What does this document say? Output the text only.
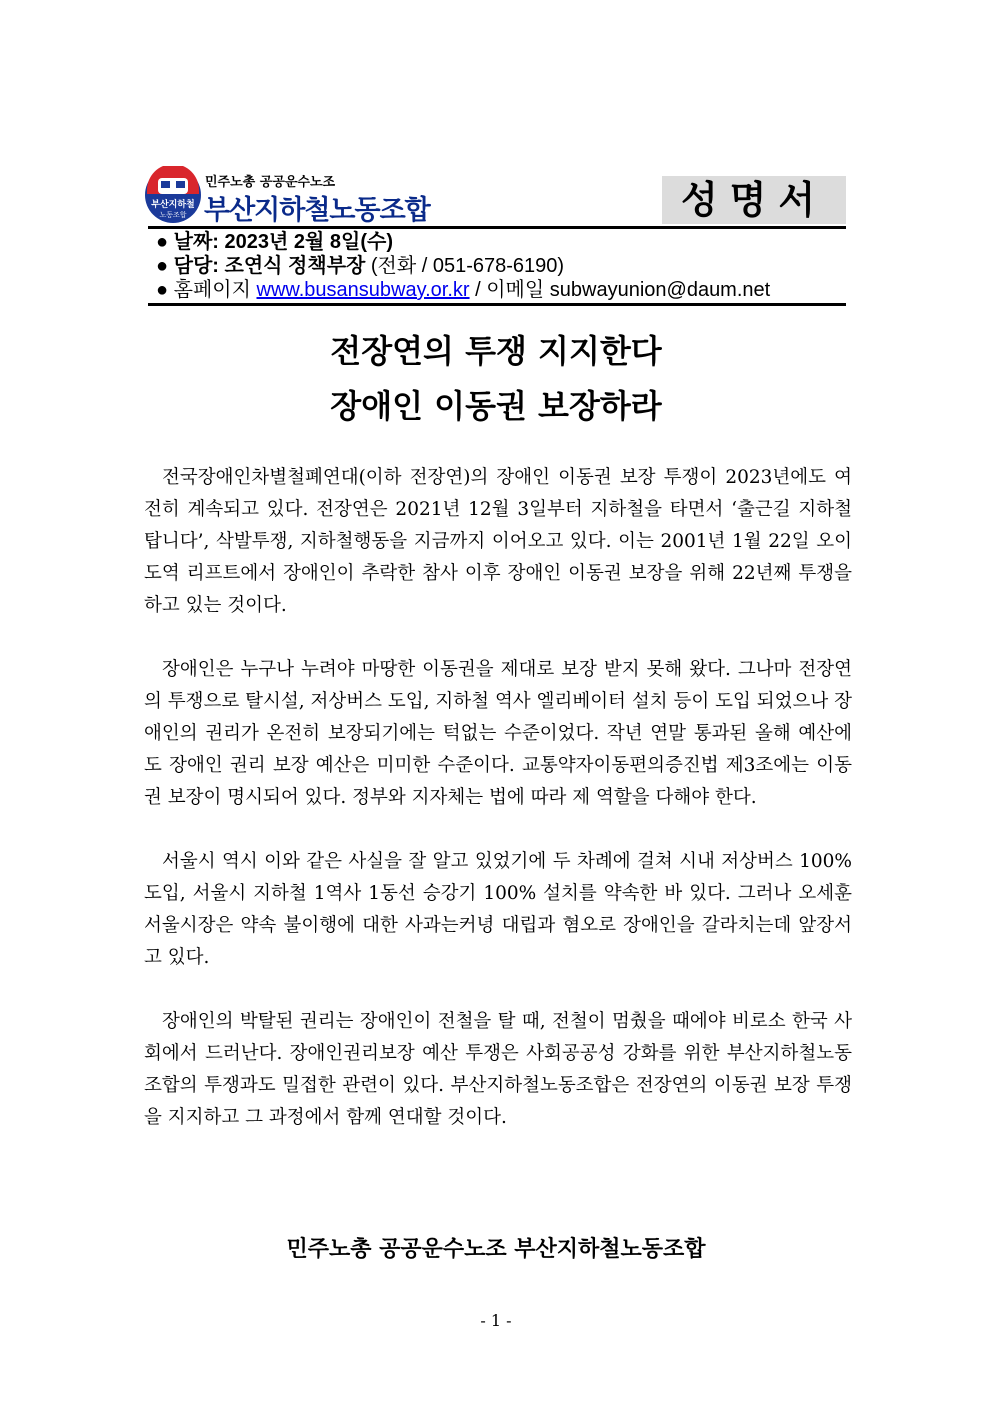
부산지하철
노동조합
민주노총 공공운수노조
부산지하철노동조합	성명서
● 날짜: 2023년 2월 8일(수)
● 담당: 조연식 정책부장 (전화 / 051-678-6190)
● 홈페이지 www.busansubway.or.kr / 이메일 subwayunion@daum.net
전장연의 투쟁 지지한다
장애인 이동권 보장하라

전국장애인차별철폐연대(이하 전장연)의 장애인 이동권 보장 투쟁이 2023년에도 여전히 계속되고 있다. 전장연은 2021년 12월 3일부터 지하철을 타면서 ‘출근길 지하철 탑니다’, 삭발투쟁, 지하철행동을 지금까지 이어오고 있다. 이는 2001년 1월 22일 오이도역 리프트에서 장애인이 추락한 참사 이후 장애인 이동권 보장을 위해 22년째 투쟁을 하고 있는 것이다.

장애인은 누구나 누려야 마땅한 이동권을 제대로 보장 받지 못해 왔다. 그나마 전장연의 투쟁으로 탈시설, 저상버스 도입, 지하철 역사 엘리베이터 설치 등이 도입 되었으나 장애인의 권리가 온전히 보장되기에는 턱없는 수준이었다. 작년 연말 통과된 올해 예산에도 장애인 권리 보장 예산은 미미한 수준이다. 교통약자이동편의증진법 제3조에는 이동권 보장이 명시되어 있다. 정부와 지자체는 법에 따라 제 역할을 다해야 한다.

서울시 역시 이와 같은 사실을 잘 알고 있었기에 두 차례에 걸쳐 시내 저상버스 100% 도입, 서울시 지하철 1역사 1동선 승강기 100% 설치를 약속한 바 있다. 그러나 오세훈 서울시장은 약속 불이행에 대한 사과는커녕 대립과 혐오로 장애인을 갈라치는데 앞장서고 있다.

장애인의 박탈된 권리는 장애인이 전철을 탈 때, 전철이 멈췄을 때에야 비로소 한국 사회에서 드러난다. 장애인권리보장 예산 투쟁은 사회공공성 강화를 위한 부산지하철노동조합의 투쟁과도 밀접한 관련이 있다. 부산지하철노동조합은 전장연의 이동권 보장 투쟁을 지지하고 그 과정에서 함께 연대할 것이다.

민주노총 공공운수노조 부산지하철노동조합
- 1 -
